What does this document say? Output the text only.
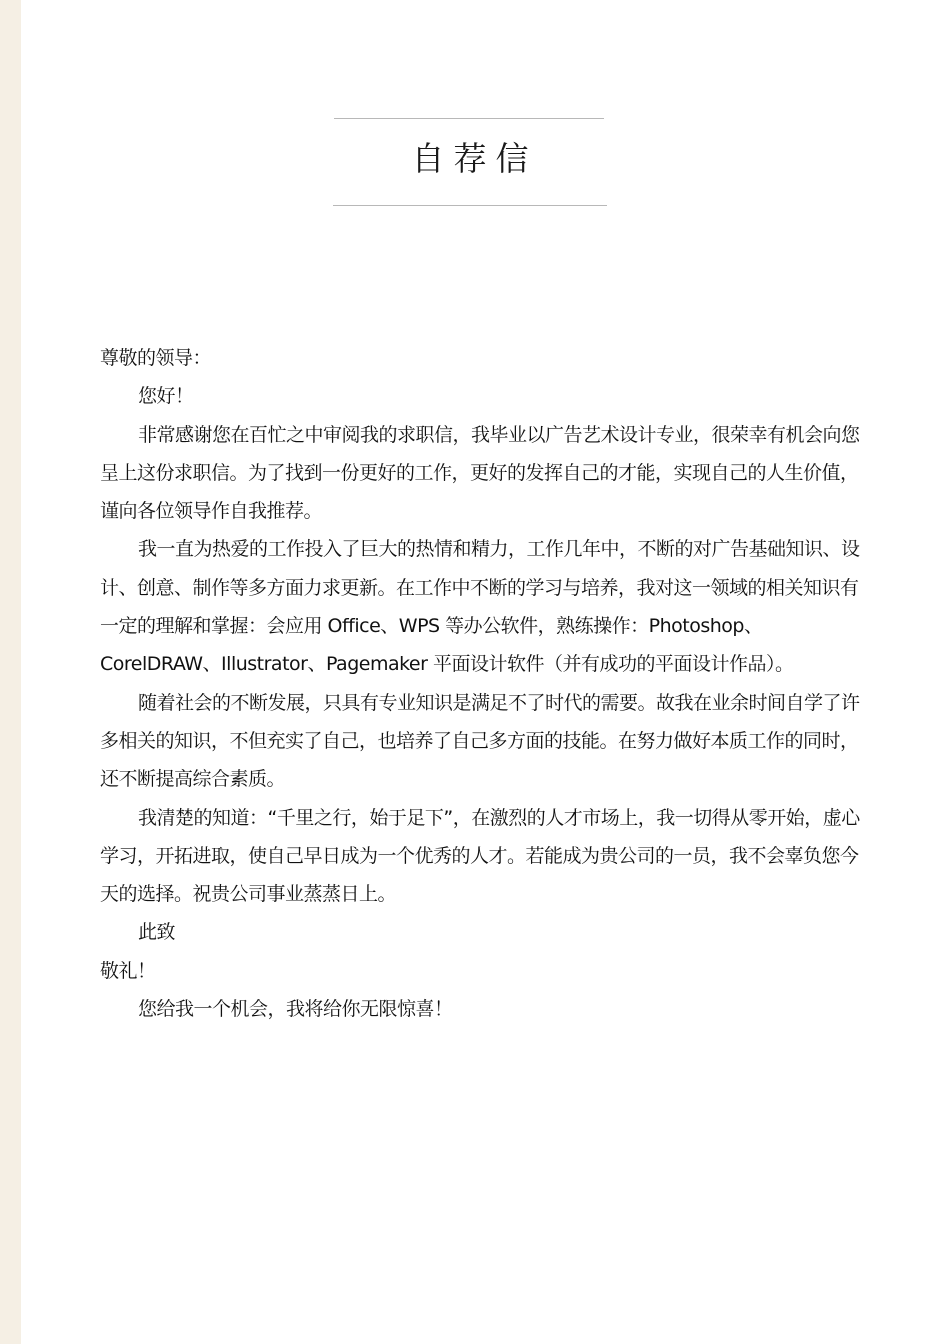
自荐信

尊敬的领导：

您好！

非常感谢您在百忙之中审阅我的求职信，我毕业以广告艺术设计专业，很荣幸有机会向您呈上这份求职信。为了找到一份更好的工作，更好的发挥自己的才能，实现自己的人生价值，谨向各位领导作自我推荐。

我一直为热爱的工作投入了巨大的热情和精力，工作几年中，不断的对广告基础知识、设计、创意、制作等多方面力求更新。在工作中不断的学习与培养，我对这一领域的相关知识有一定的理解和掌握：会应用 Office、WPS 等办公软件，熟练操作：Photoshop、CorelDRAW、Illustrator、Pagemaker 平面设计软件（并有成功的平面设计作品）。

随着社会的不断发展，只具有专业知识是满足不了时代的需要。故我在业余时间自学了许多相关的知识，不但充实了自己，也培养了自己多方面的技能。在努力做好本质工作的同时，还不断提高综合素质。

我清楚的知道：“千里之行，始于足下”，在激烈的人才市场上，我一切得从零开始，虚心学习，开拓进取，使自己早日成为一个优秀的人才。若能成为贵公司的一员，我不会辜负您今天的选择。祝贵公司事业蒸蒸日上。

此致

敬礼！

您给我一个机会，我将给你无限惊喜！
